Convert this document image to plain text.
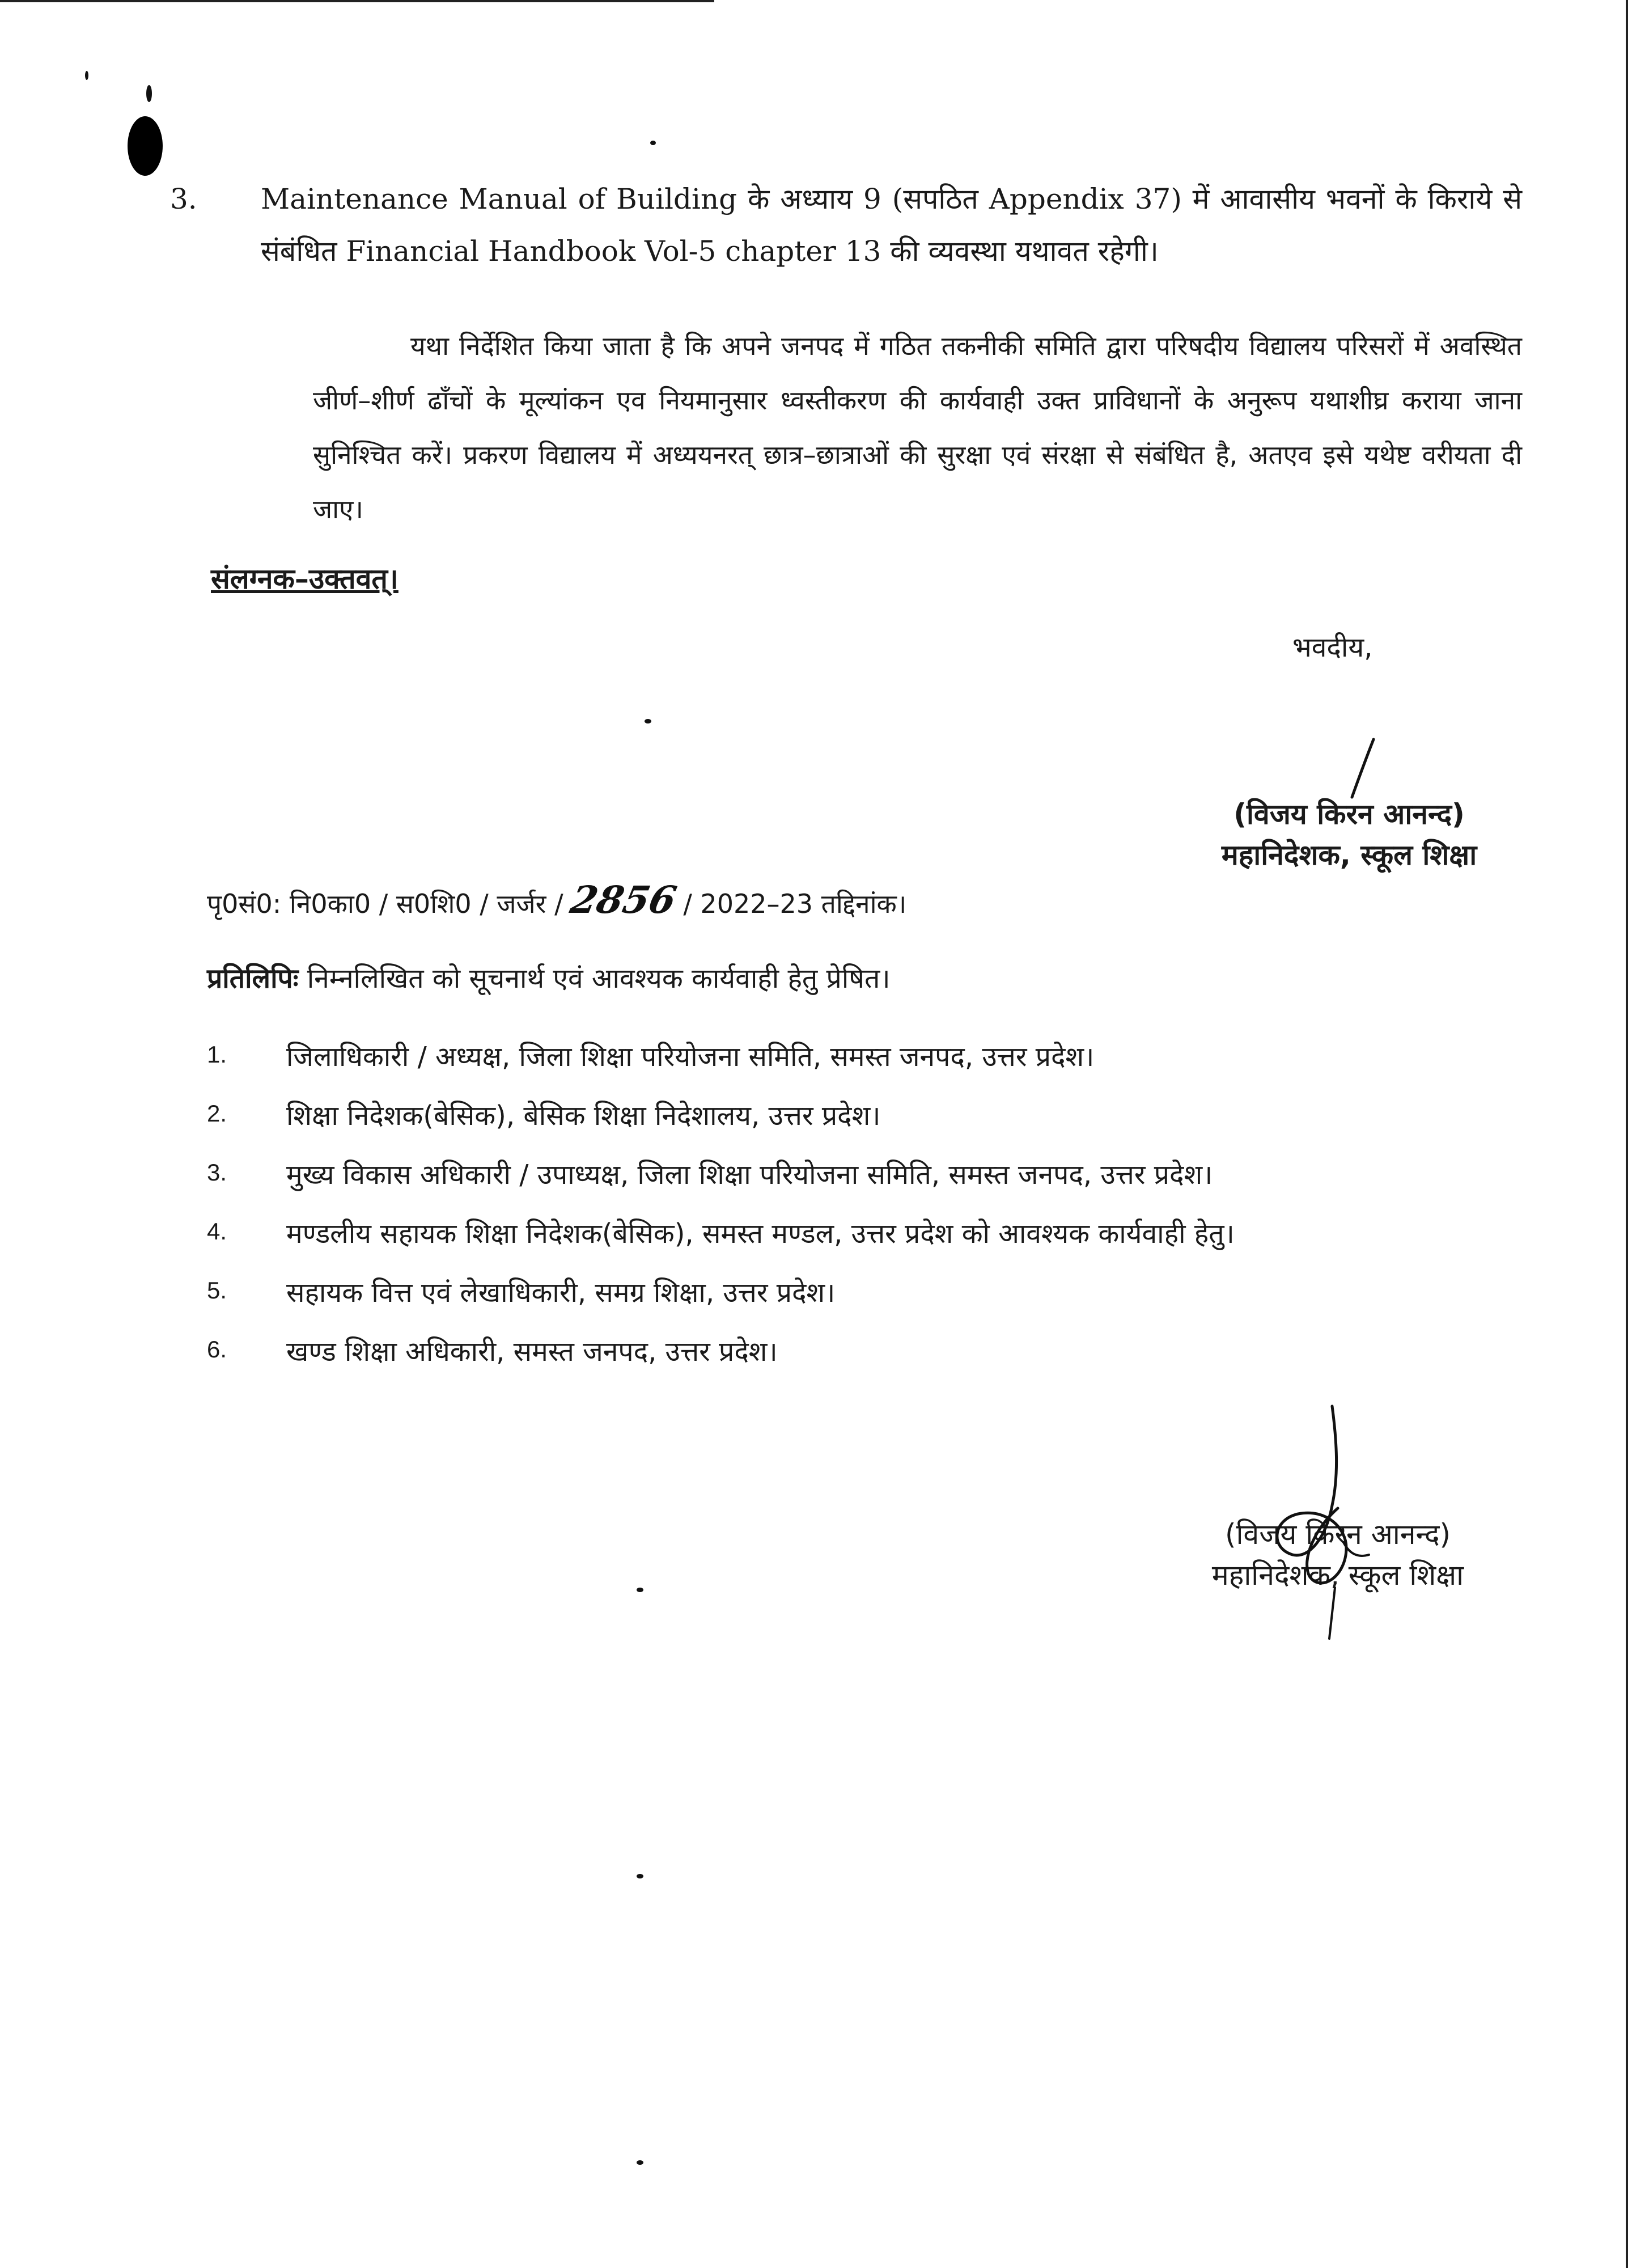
3. Maintenance Manual of Building के अध्याय 9 (सपठित Appendix 37) में आवासीय भवनों के किराये से संबंधित Financial Handbook Vol-5 chapter 13 की व्यवस्था यथावत रहेगी।

यथा निर्देशित किया जाता है कि अपने जनपद में गठित तकनीकी समिति द्वारा परिषदीय विद्यालय परिसरों में अवस्थित जीर्ण–शीर्ण ढाँचों के मूल्यांकन एव नियमानुसार ध्वस्तीकरण की कार्यवाही उक्त प्राविधानों के अनुरूप यथाशीघ्र कराया जाना सुनिश्चित करें। प्रकरण विद्यालय में अध्ययनरत् छात्र–छात्राओं की सुरक्षा एवं संरक्षा से संबंधित है, अतएव इसे यथेष्ट वरीयता दी जाए।

संलग्नक–उक्तवत्।
भवदीय,
(विजय किरन आनन्द)
महानिदेशक, स्कूल शिक्षा
पृ0सं0: नि0का0 / स0शि0 / जर्जर /2856 / 2022–23 तद्दिनांक।
प्रतिलिपिः निम्नलिखित को सूचनार्थ एवं आवश्यक कार्यवाही हेतु प्रेषित।
1.	जिलाधिकारी / अध्यक्ष, जिला शिक्षा परियोजना समिति, समस्त जनपद, उत्तर प्रदेश।
2.	शिक्षा निदेशक(बेसिक), बेसिक शिक्षा निदेशालय, उत्तर प्रदेश।
3.	मुख्य विकास अधिकारी / उपाध्यक्ष, जिला शिक्षा परियोजना समिति, समस्त जनपद, उत्तर प्रदेश।
4.	मण्डलीय सहायक शिक्षा निदेशक(बेसिक), समस्त मण्डल, उत्तर प्रदेश को आवश्यक कार्यवाही हेतु।
5.	सहायक वित्त एवं लेखाधिकारी, समग्र शिक्षा, उत्तर प्रदेश।
6.	खण्ड शिक्षा अधिकारी, समस्त जनपद, उत्तर प्रदेश।
(विजय किरन आनन्द)
महानिदेशक, स्कूल शिक्षा
